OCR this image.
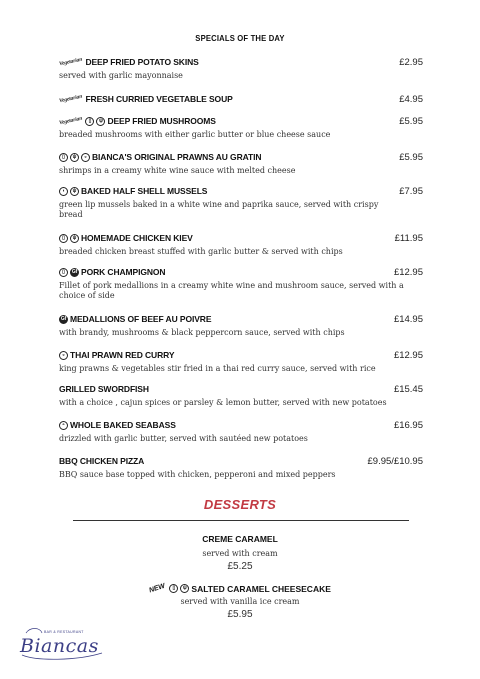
SPECIALS OF THE DAY
Vegetarian DEEP FRIED POTATO SKINS	£2.95
served with garlic mayonnaise
Vegetarian FRESH CURRIED VEGETABLE SOUP	£4.95
Vegetarian	▯	ψ DEEP FRIED MUSHROOMS	£5.95
breaded mushrooms with either garlic butter or blue cheese sauce
▯	ψ	◒ BIANCA'S ORIGINAL PRAWNS AU GRATIN	£5.95
shrimps in a creamy white wine sauce with melted cheese
◖	ψ BAKED HALF SHELL MUSSELS	£7.95
green lip mussels baked in a white wine and paprika sauce, served with crispy bread
▯	ψ HOMEMADE CHICKEN KIEV	£11.95
breaded chicken breast stuffed with garlic butter & served with chips
▯	Gf PORK CHAMPIGNON	£12.95
Fillet of pork medallions in a creamy white wine and mushroom sauce, served with a choice of side
Gf MEDALLIONS OF BEEF AU POIVRE	£14.95
with brandy, mushrooms & black peppercorn sauce, served with chips
◒ THAI PRAWN RED CURRY	£12.95
king prawns & vegetables stir fried in a thai red curry sauce, served with rice
GRILLED SWORDFISH	£15.45
with a choice , cajun spices or parsley & lemon butter, served with new potatoes
◓ WHOLE BAKED SEABASS	£16.95
drizzled with garlic butter, served with sautéed new potatoes
BBQ CHICKEN PIZZA	£9.95/£10.95
BBQ sauce base topped with chicken, pepperoni and mixed peppers
DESSERTS
CREME CARAMEL
served with cream
£5.25
NEW	▯	ψ SALTED CARAMEL CHEESECAKE
served with vanilla ice cream
£5.95
BAR & RESTAURANT
Biancas
